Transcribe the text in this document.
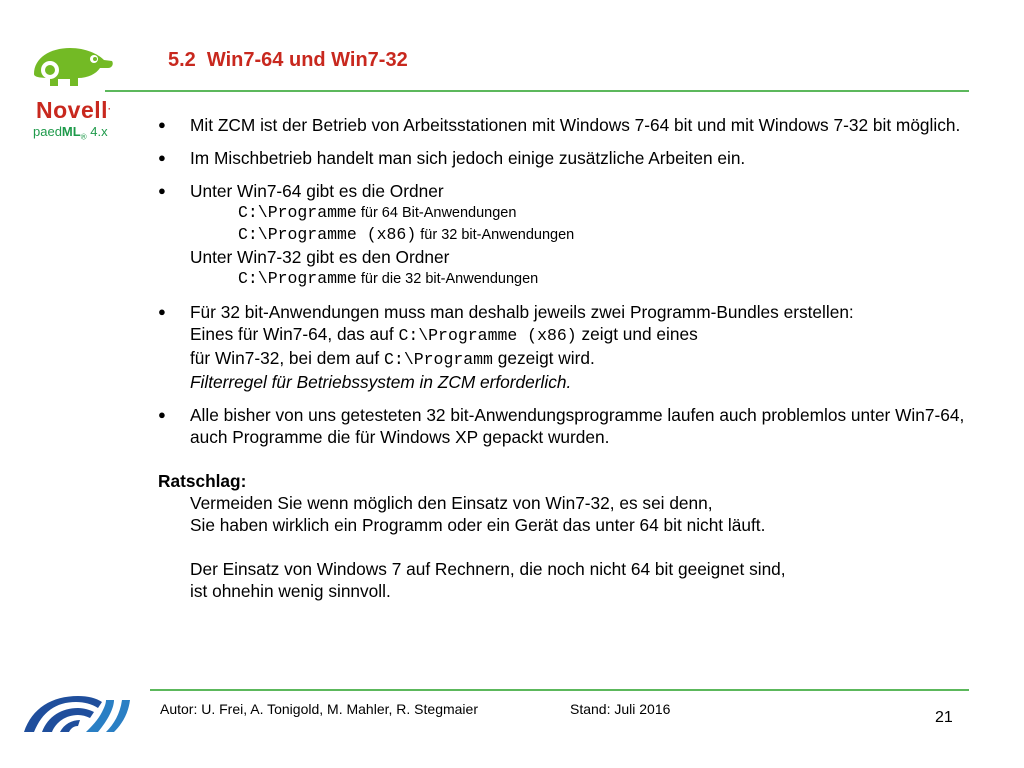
Novell.
paedML$_®$ 4.x
5.2  Win7-64 und Win7-32
● Mit ZCM ist der Betrieb von Arbeitsstationen mit Windows 7-64 bit und mit Windows 7-32 bit möglich.
● Im Mischbetrieb handelt man sich jedoch einige zusätzliche Arbeiten ein.
● Unter Win7-64 gibt es die Ordner
C:\Programme für 64 Bit-Anwendungen
C:\Programme (x86) für 32 bit-Anwendungen
Unter Win7-32 gibt es den Ordner
C:\Programme für die 32 bit-Anwendungen
● Für 32 bit-Anwendungen muss man deshalb jeweils zwei Programm-Bundles erstellen:
Eines für Win7-64, das auf C:\Programme (x86) zeigt und eines
für Win7-32, bei dem auf C:\Programm gezeigt wird.
Filterregel für Betriebssystem in ZCM erforderlich.
● Alle bisher von uns getesteten 32 bit-Anwendungsprogramme laufen auch problemlos unter Win7-64, auch Programme die für Windows XP gepackt wurden.
Ratschlag:
Vermeiden Sie wenn möglich den Einsatz von Win7-32, es sei denn,
Sie haben wirklich ein Programm oder ein Gerät das unter 64 bit nicht läuft.
Der Einsatz von Windows 7 auf Rechnern, die noch nicht 64 bit geeignet sind,
ist ohnehin wenig sinnvoll.
Autor: U. Frei, A. Tonigold, M. Mahler, R. Stegmaier	Stand: Juli 2016	21
